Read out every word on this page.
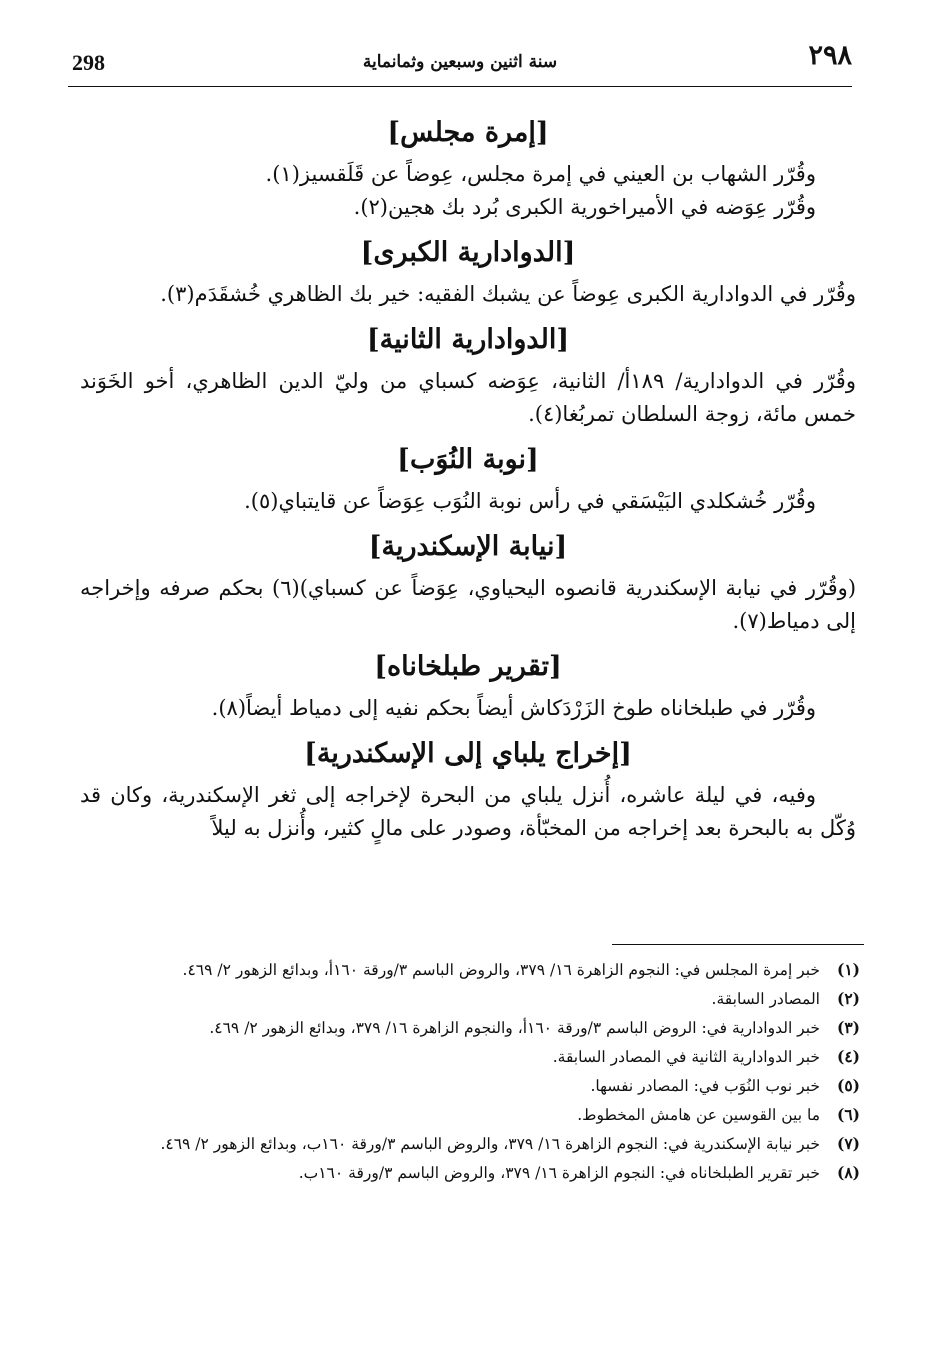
298	سنة اثنين وسبعين وثمانماية	٢٩٨
[إمرة مجلس]
وقُرّر الشهاب بن العيني في إمرة مجلس، عِوضاً عن قَلَقسيز(١).
وقُرّر عِوَضه في الأميراخورية الكبرى بُرد بك هجين(٢).
[الدوادارية الكبرى]
وقُرّر في الدوادارية الكبرى عِوضاً عن يشبك الفقيه: خير بك الظاهري خُشقَدَم(٣).
[الدوادارية الثانية]
وقُرّر في الدوادارية/ ١٨٩أ/ الثانية، عِوَضه كسباي من وليّ الدين الظاهري، أخو الخَوَند خمس مائة، زوجة السلطان تمربُغا(٤).
[نوبة النُوَب]
وقُرّر خُشكلدي البَيْسَقي في رأس نوبة النُوَب عِوَضاً عن قايتباي(٥).
[نيابة الإسكندرية]
(وقُرّر في نيابة الإسكندرية قانصوه اليحياوي، عِوَضاً عن كسباي)(٦) بحكم صرفه وإخراجه إلى دمياط(٧).
[تقرير طبلخاناه]
وقُرّر في طبلخاناه طوخ الزَرْدَكاش أيضاً بحكم نفيه إلى دمياط أيضاً(٨).
[إخراج يلباي إلى الإسكندرية]
وفيه، في ليلة عاشره، أُنزل يلباي من البحرة لإخراجه إلى ثغر الإسكندرية، وكان قد وُكّل به بالبحرة بعد إخراجه من المخبّأة، وصودر على مالٍ كثير، وأُنزل به ليلاً
(١)
خبر إمرة المجلس في: النجوم الزاهرة ١٦/ ٣٧٩، والروض الباسم ٣/ورقة ١٦٠أ، وبدائع الزهور ٢/ ٤٦٩.
(٢)
المصادر السابقة.
(٣)
خبر الدوادارية في: الروض الباسم ٣/ورقة ١٦٠أ، والنجوم الزاهرة ١٦/ ٣٧٩، وبدائع الزهور ٢/ ٤٦٩.
(٤)
خبر الدوادارية الثانية في المصادر السابقة.
(٥)
خبر نوب النُوَب في: المصادر نفسها.
(٦)
ما بين القوسين عن هامش المخطوط.
(٧)
خبر نيابة الإسكندرية في: النجوم الزاهرة ١٦/ ٣٧٩، والروض الباسم ٣/ورقة ١٦٠ب، وبدائع الزهور ٢/ ٤٦٩.
(٨)
خبر تقرير الطبلخاناه في: النجوم الزاهرة ١٦/ ٣٧٩، والروض الباسم ٣/ورقة ١٦٠ب.
